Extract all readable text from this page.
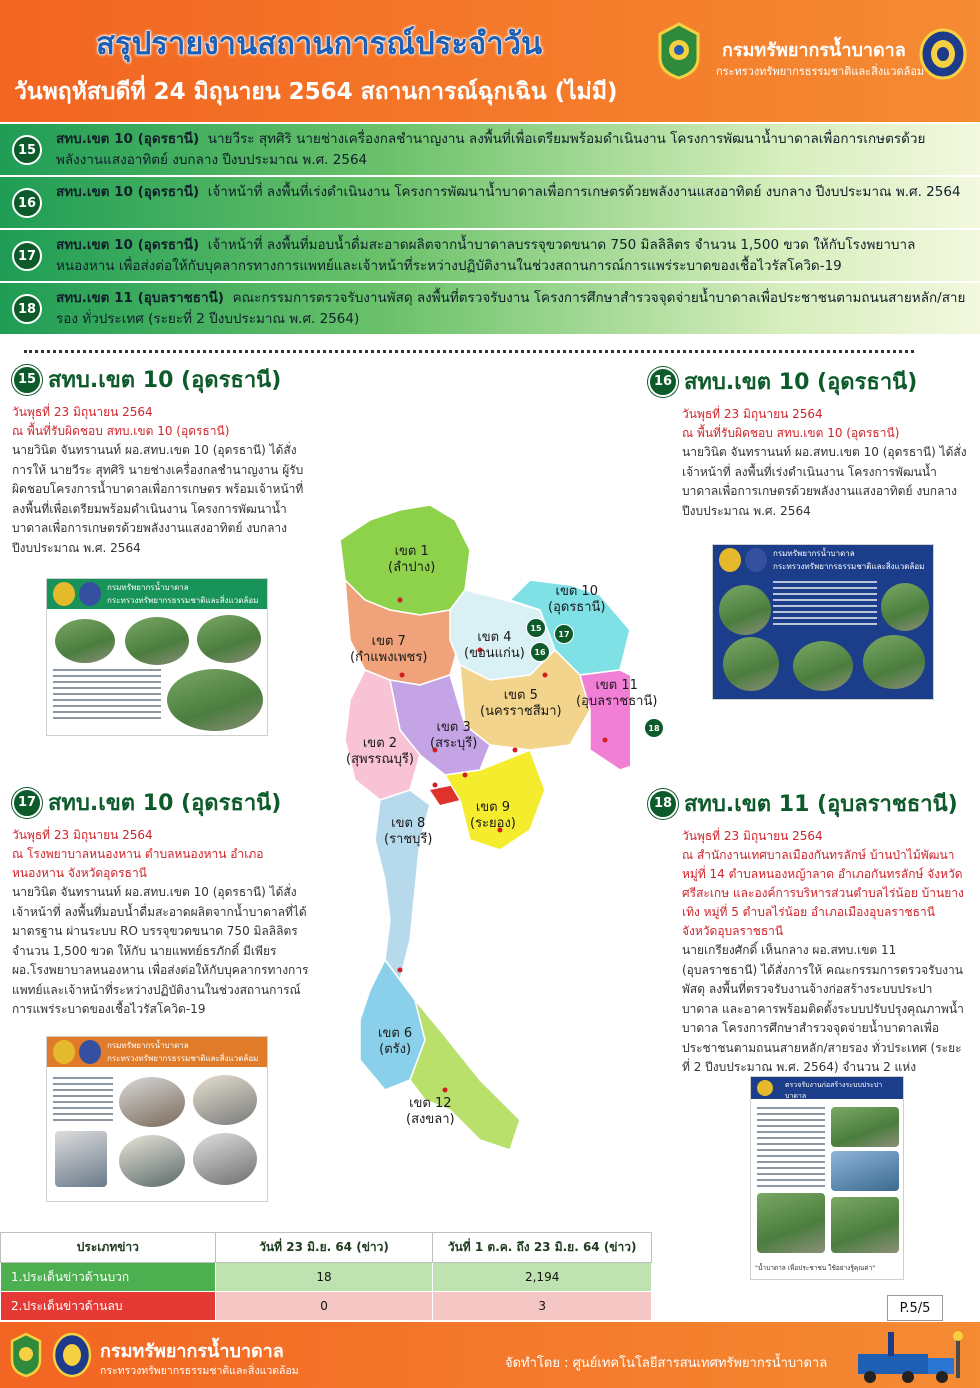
สรุปรายงานสถานการณ์ประจำวัน
วันพฤหัสบดีที่ 24 มิถุนายน 2564 สถานการณ์ฉุกเฉิน (ไม่มี)
กรมทรัพยากรน้ำบาดาล
กระทรวงทรัพยากรธรรมชาติและสิ่งแวดล้อม
15
สทบ.เขต 10 (อุดรธานี) นายวีระ สุทศิริ นายช่างเครื่องกลชำนาญงาน ลงพื้นที่เพื่อเตรียมพร้อมดำเนินงาน โครงการพัฒนาน้ำบาดาลเพื่อการเกษตรด้วยพลังงานแสงอาทิตย์ งบกลาง ปีงบประมาณ พ.ศ. 2564
16
สทบ.เขต 10 (อุดรธานี) เจ้าหน้าที่ ลงพื้นที่เร่งดำเนินงาน โครงการพัฒนาน้ำบาดาลเพื่อการเกษตรด้วยพลังงานแสงอาทิตย์ งบกลาง ปีงบประมาณ พ.ศ. 2564
17
สทบ.เขต 10 (อุดรธานี) เจ้าหน้าที่ ลงพื้นที่มอบน้ำดื่มสะอาดผลิตจากน้ำบาดาลบรรจุขวดขนาด 750 มิลลิลิตร จำนวน 1,500 ขวด ให้กับโรงพยาบาลหนองหาน เพื่อส่งต่อให้กับบุคลากรทางการแพทย์และเจ้าหน้าที่ระหว่างปฏิบัติงานในช่วงสถานการณ์การแพร่ระบาดของเชื้อไวรัสโควิด-19
18
สทบ.เขต 11 (อุบลราชธานี) คณะกรรมการตรวจรับงานพัสดุ ลงพื้นที่ตรวจรับงาน โครงการศึกษาสำรวจจุดจ่ายน้ำบาดาลเพื่อประชาชนตามถนนสายหลัก/สายรอง ทั่วประเทศ (ระยะที่ 2 ปีงบประมาณ พ.ศ. 2564)
15 สทบ.เขต 10 (อุดรธานี)
วันพุธที่ 23 มิถุนายน 2564
ณ พื้นที่รับผิดชอบ สทบ.เขต 10 (อุดรธานี)
นายวินิต จันทรานนท์ ผอ.สทบ.เขต 10 (อุดรธานี) ได้สั่งการให้ นายวีระ สุทศิริ นายช่างเครื่องกลชำนาญงาน ผู้รับผิดชอบโครงการน้ำบาดาลเพื่อการเกษตร พร้อมเจ้าหน้าที่ ลงพื้นที่เพื่อเตรียมพร้อมดำเนินงาน โครงการพัฒนาน้ำบาดาลเพื่อการเกษตรด้วยพลังงานแสงอาทิตย์ งบกลาง ปีงบประมาณ พ.ศ. 2564
กรมทรัพยากรน้ำบาดาล
กระทรวงทรัพยากรธรรมชาติและสิ่งแวดล้อม
16 สทบ.เขต 10 (อุดรธานี)
วันพุธที่ 23 มิถุนายน 2564
ณ พื้นที่รับผิดชอบ สทบ.เขต 10 (อุดรธานี)
นายวินิต จันทรานนท์ ผอ.สทบ.เขต 10 (อุดรธานี) ได้สั่งเจ้าหน้าที่ ลงพื้นที่เร่งดำเนินงาน โครงการพัฒนน้ำบาดาลเพื่อการเกษตรด้วยพลังงานแสงอาทิตย์ งบกลาง ปีงบประมาณ พ.ศ. 2564
กรมทรัพยากรน้ำบาดาล
กระทรวงทรัพยากรธรรมชาติและสิ่งแวดล้อม
17 สทบ.เขต 10 (อุดรธานี)
วันพุธที่ 23 มิถุนายน 2564
ณ โรงพยาบาลหนองหาน ตำบลหนองหาน อำเภอหนองหาน จังหวัดอุดรธานี
นายวินิต จันทรานนท์ ผอ.สทบ.เขต 10 (อุดรธานี) ได้สั่งเจ้าหน้าที่ ลงพื้นที่มอบน้ำดื่มสะอาดผลิตจากน้ำบาดาลที่ได้มาตรฐาน ผ่านระบบ RO บรรจุขวดขนาด 750 มิลลิลิตร จำนวน 1,500 ขวด ให้กับ นายแพทย์ธรภักดิ์ มีเพียร ผอ.โรงพยาบาลหนองหาน เพื่อส่งต่อให้กับบุคลากรทางการแพทย์และเจ้าหน้าที่ระหว่างปฏิบัติงานในช่วงสถานการณ์การแพร่ระบาดของเชื้อไวรัสโควิด-19
กรมทรัพยากรน้ำบาดาล
กระทรวงทรัพยากรธรรมชาติและสิ่งแวดล้อม
18 สทบ.เขต 11 (อุบลราชธานี)
วันพุธที่ 23 มิถุนายน 2564
ณ สำนักงานเทศบาลเมืองกันทรลักษ์ บ้านป่าไม้พัฒนา หมู่ที่ 14 ตำบลหนองหญ้าลาด อำเภอกันทรลักษ์ จังหวัดศรีสะเกษ และองค์การบริหารส่วนตำบลไร่น้อย บ้านยางเทิง หมู่ที่ 5 ตำบลไร่น้อย อำเภอเมืองอุบลราชธานี จังหวัดอุบลราชธานี
นายเกรียงศักดิ์ เห็นกลาง ผอ.สทบ.เขต 11 (อุบลราชธานี) ได้สั่งการให้ คณะกรรมการตรวจรับงานพัสดุ ลงพื้นที่ตรวจรับงานจ้างก่อสร้างระบบประปาบาดาล และอาคารพร้อมติดตั้งระบบปรับปรุงคุณภาพน้ำบาดาล โครงการศึกษาสำรวจจุดจ่ายน้ำบาดาลเพื่อประชาชนตามถนนสายหลัก/สายรอง ทั่วประเทศ (ระยะที่ 2 ปีงบประมาณ พ.ศ. 2564) จำนวน 2 แห่ง
ตรวจรับงานก่อสร้างระบบประปาบาดาล
"น้ำบาดาล เพื่อประชาชน ใช้อย่างรู้คุณค่า"
เขต 1
(ลำปาง)
เขต 7
(กำแพงเพชร)
เขต 4
(ขอนแก่น)
เขต 10
(อุดรธานี)
เขต 5
(นครราชสีมา)
เขต 11
(อุบลราชธานี)
เขต 3
(สระบุรี)
เขต 2
(สุพรรณบุรี)
เขต 9
(ระยอง)
เขต 8
(ราชบุรี)
เขต 6
(ตรัง)
เขต 12
(สงขลา)
15
17
16
18
ประเภทข่าว	วันที่ 23 มิ.ย. 64 (ข่าว)	วันที่ 1 ต.ค. ถึง 23 มิ.ย. 64 (ข่าว)
1.ประเด็นข่าวด้านบวก	18	2,194
2.ประเด็นข่าวด้านลบ	0	3	P.5/5
กรมทรัพยากรน้ำบาดาล
กระทรวงทรัพยากรธรรมชาติและสิ่งแวดล้อม	จัดทำโดย : ศูนย์เทคโนโลยีสารสนเทศทรัพยากรน้ำบาดาล
